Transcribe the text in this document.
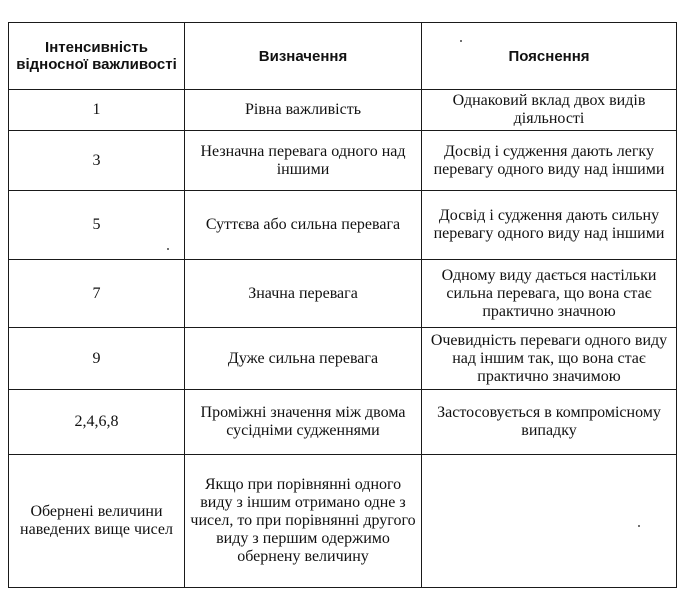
Інтенсивність відносної важливості	Визначення	Пояснення
1	Рівна важливість	Однаковий вклад двох видів діяльності
3	Незначна перевага одного над іншими	Досвід і судження дають легку перевагу одного виду над іншими
5	Суттєва або сильна перевага	Досвід і судження дають сильну перевагу одного виду над іншими
7	Значна перевага	Одному виду дається настільки сильна перевага, що вона стає практично значною
9	Дуже сильна перевага	Очевидність переваги одного виду над іншим так, що вона стає практично значимою
2,4,6,8	Проміжні значення між двома сусідніми судженнями	Застосовується в компромісному випадку
Обернені величини наведених вище чисел	Якщо при порівнянні одного виду з іншим отримано одне з чисел, то при порівнянні другого виду з першим одержимо обернену величину	
